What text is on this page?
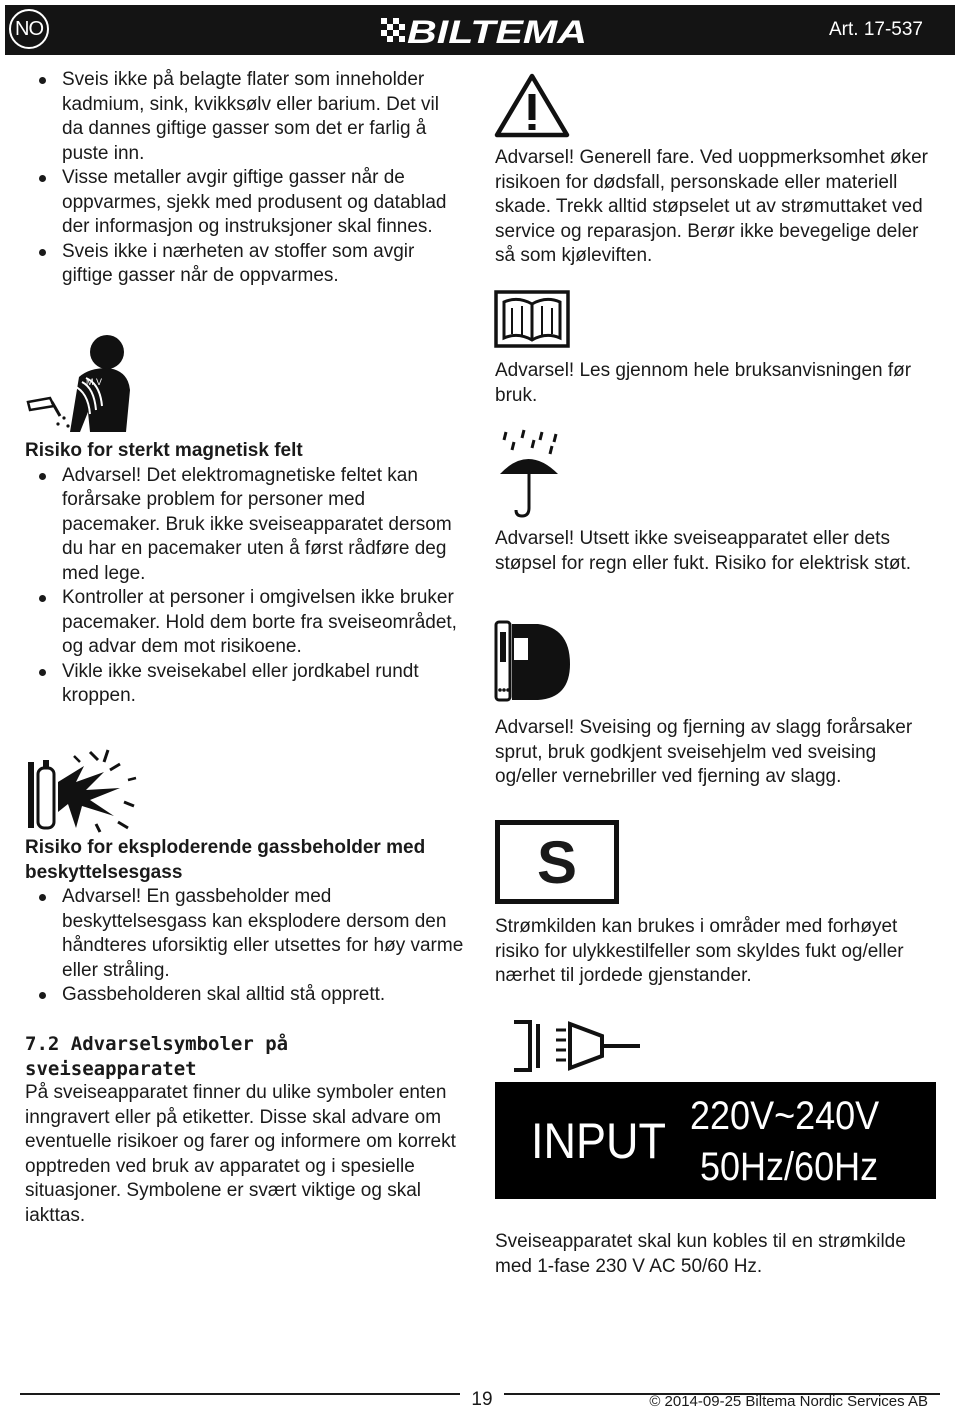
NO	BILTEMA	Art. 17-537
Sveis ikke på belagte flater som inneholder kadmium, sink, kvikksølv eller barium. Det vil da dannes giftige gasser som det er farlig å puste inn.
Visse metaller avgir giftige gasser når de oppvarmes, sjekk med produsent og datablad der informasjon og instruksjoner skal finnes.
Sveis ikke i nærheten av stoffer som avgir giftige gasser når de oppvarmes.
M V
Risiko for sterkt magnetisk felt
Advarsel! Det elektromagnetiske feltet kan forårsake problem for personer med pacemaker. Bruk ikke sveiseapparatet dersom du har en pacemaker uten å først rådføre deg med lege.
Kontroller at personer i omgivelsen ikke bruker pacemaker. Hold dem borte fra sveiseområdet, og advar dem mot risikoene.
Vikle ikke sveisekabel eller jordkabel rundt kroppen.
Risiko for eksploderende gassbeholder med beskyttelsesgass
Advarsel! En gassbeholder med beskyttelsesgass kan eksplodere dersom den håndteres uforsiktig eller utsettes for høy varme eller stråling.
Gassbeholderen skal alltid stå opprett.

7.2 Advarselsymboler på sveiseapparatet

På sveiseapparatet finner du ulike symboler enten inngravert eller på etiketter. Disse skal advare om eventuelle risikoer og farer og informere om korrekt opptreden ved bruk av apparatet og i spesielle situasjoner. Symbolene er svært viktige og skal iakttas.

Advarsel! Generell fare. Ved uoppmerksomhet øker risikoen for dødsfall, personskade eller materiell skade. Trekk alltid støpselet ut av strømuttaket ved service og reparasjon. Berør ikke bevegelige deler så som kjøleviften.
Advarsel! Les gjennom hele bruksanvisningen før bruk.
Advarsel! Utsett ikke sveiseapparatet eller dets støpsel for regn eller fukt. Risiko for elektrisk støt.
Advarsel! Sveising og fjerning av slagg forårsaker sprut, bruk godkjent sveisehjelm ved sveising og/eller vernebriller ved fjerning av slagg.
S
Strømkilden kan brukes i områder med forhøyet risiko for ulykkestilfeller som skyldes fukt og/eller nærhet til jordede gjenstander.
INPUT 220V~240V
50Hz/60Hz
Sveiseapparatet skal kun kobles til en strømkilde med 1-fase 230 V AC 50/60 Hz.
19	© 2014-09-25 Biltema Nordic Services AB
